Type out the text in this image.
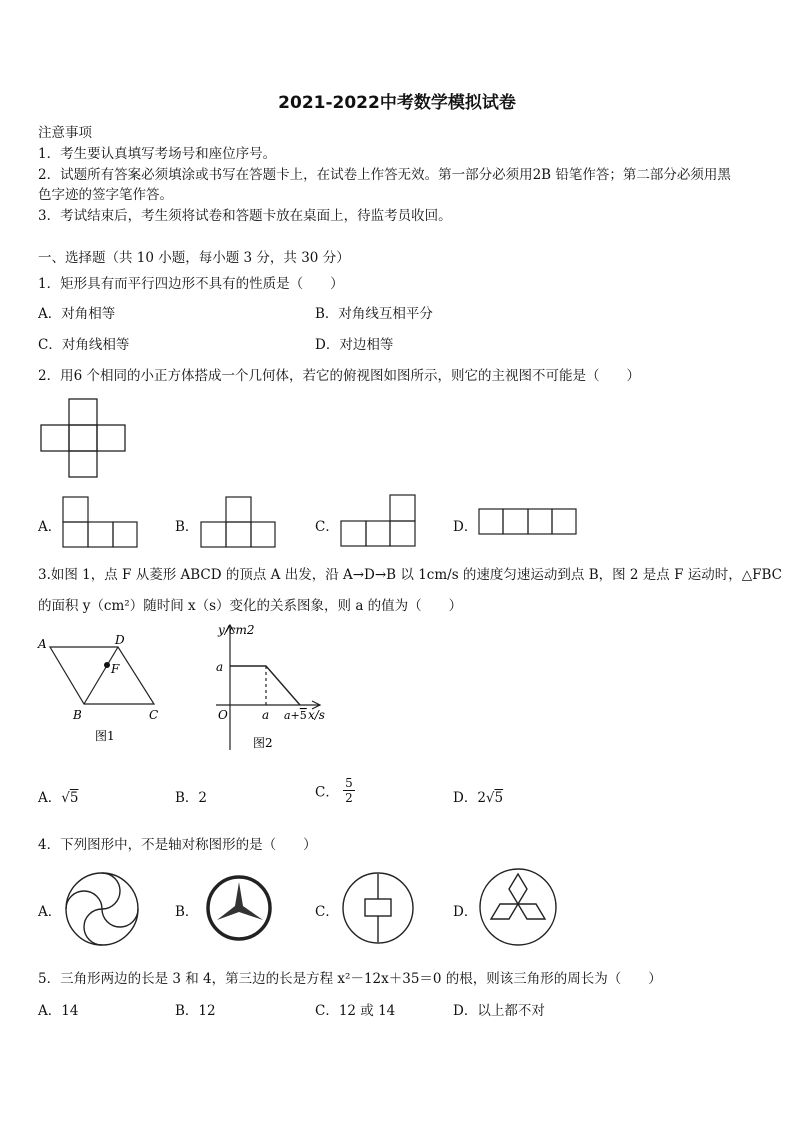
2021-2022中考数学模拟试卷
注意事项
1．考生要认真填写考场号和座位序号。
2．试题所有答案必须填涂或书写在答题卡上，在试卷上作答无效。第一部分必须用2B 铅笔作答；第二部分必须用黑
色字迹的签字笔作答。
3．考试结束后，考生须将试卷和答题卡放在桌面上，待监考员收回。
一、选择题（共 10 小题，每小题 3 分，共 30 分）
1．矩形具有而平行四边形不具有的性质是（　　）
A．对角相等	B．对角线互相平分
C．对角线相等	D．对边相等
2．用6 个相同的小正方体搭成一个几何体，若它的俯视图如图所示，则它的主视图不可能是（　　）
A．	B．	C．	D．
3.如图 1，点 F 从菱形 ABCD 的顶点 A 出发，沿 A→D→B 以 1cm/s 的速度匀速运动到点 B，图 2 是点 F 运动时，△FBC
的面积 y（cm²）随时间 x（s）变化的关系图象，则 a 的值为（　　）
A	D
F
B	C
图1
y/cm2
a
O	a a+5 x/s
图2
A．√5	B．2	C． $\frac{5}{2}$	D．2√5
4．下列图形中，不是轴对称图形的是（　　）
A．	B．	C．	D．
5．三角形两边的长是 3 和 4，第三边的长是方程 x²－12x＋35＝0 的根，则该三角形的周长为（　　）
A．14	B．12	C．12 或 14	D．以上都不对
